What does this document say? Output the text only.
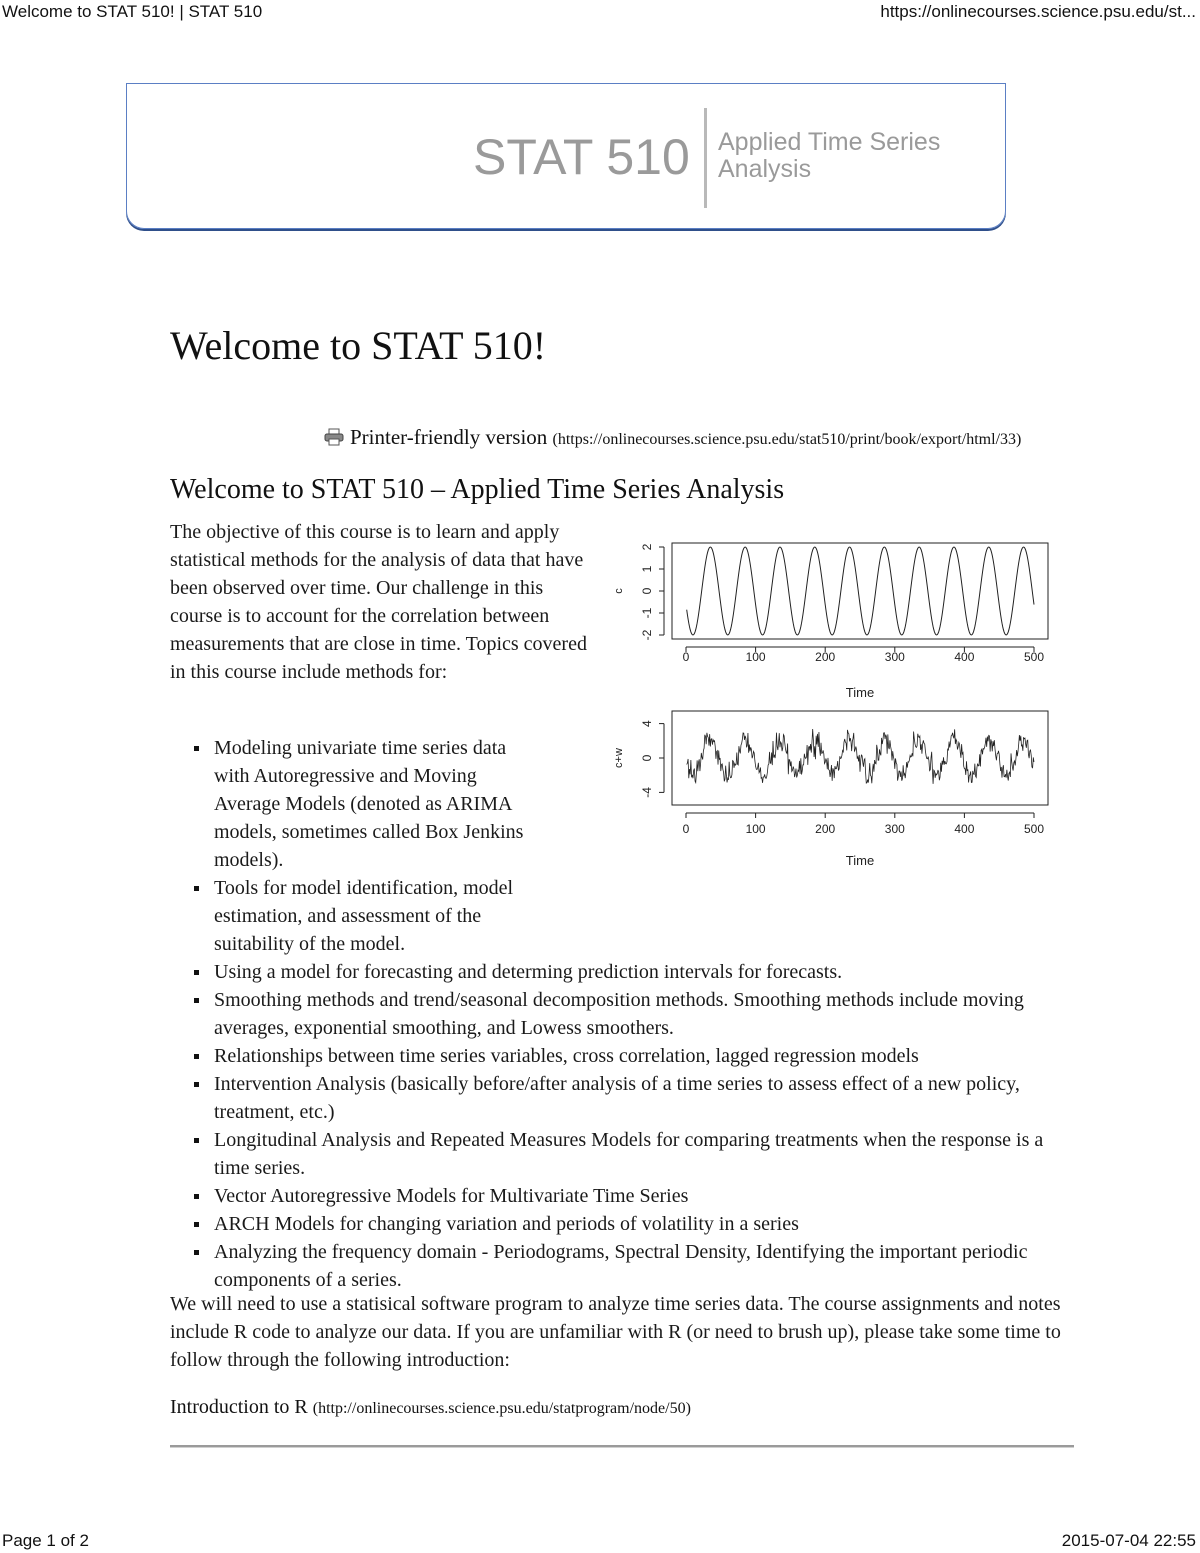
Welcome to STAT 510! | STAT 510	https://onlinecourses.science.psu.edu/st...
STAT 510 Applied Time Series Analysis
Welcome to STAT 510!
Printer-friendly version (https://onlinecourses.science.psu.edu/stat510/print/book/export/html/33)
Welcome to STAT 510 – Applied Time Series Analysis

The objective of this course is to learn and apply statistical methods for the analysis of data that have been observed over time. Our challenge in this course is to account for the correlation between measurements that are close in time. Topics covered in this course include methods for:

0	100	200	300	400	500
Time
-2
-1
0
1
2
c
0	100	200	300	400	500
Time
-4
0
4
c+w
Modeling univariate time series data with Autoregressive and Moving Average Models (denoted as ARIMA models, sometimes called Box Jenkins models).
Tools for model identification, model estimation, and assessment of the suitability of the model.
Using a model for forecasting and determing prediction intervals for forecasts.
Smoothing methods and trend/seasonal decomposition methods. Smoothing methods include moving averages, exponential smoothing, and Lowess smoothers.
Relationships between time series variables, cross correlation, lagged regression models
Intervention Analysis (basically before/after analysis of a time series to assess effect of a new policy, treatment, etc.)
Longitudinal Analysis and Repeated Measures Models for comparing treatments when the response is a time series.
Vector Autoregressive Models for Multivariate Time Series
ARCH Models for changing variation and periods of volatility in a series
Analyzing the frequency domain - Periodograms, Spectral Density, Identifying the important periodic components of a series.

We will need to use a statisical software program to analyze time series data. The course assignments and notes include R code to analyze our data. If you are unfamiliar with R (or need to brush up), please take some time to follow through the following introduction:

Introduction to R (http://onlinecourses.science.psu.edu/statprogram/node/50)
Page 1 of 2	2015-07-04 22:55
